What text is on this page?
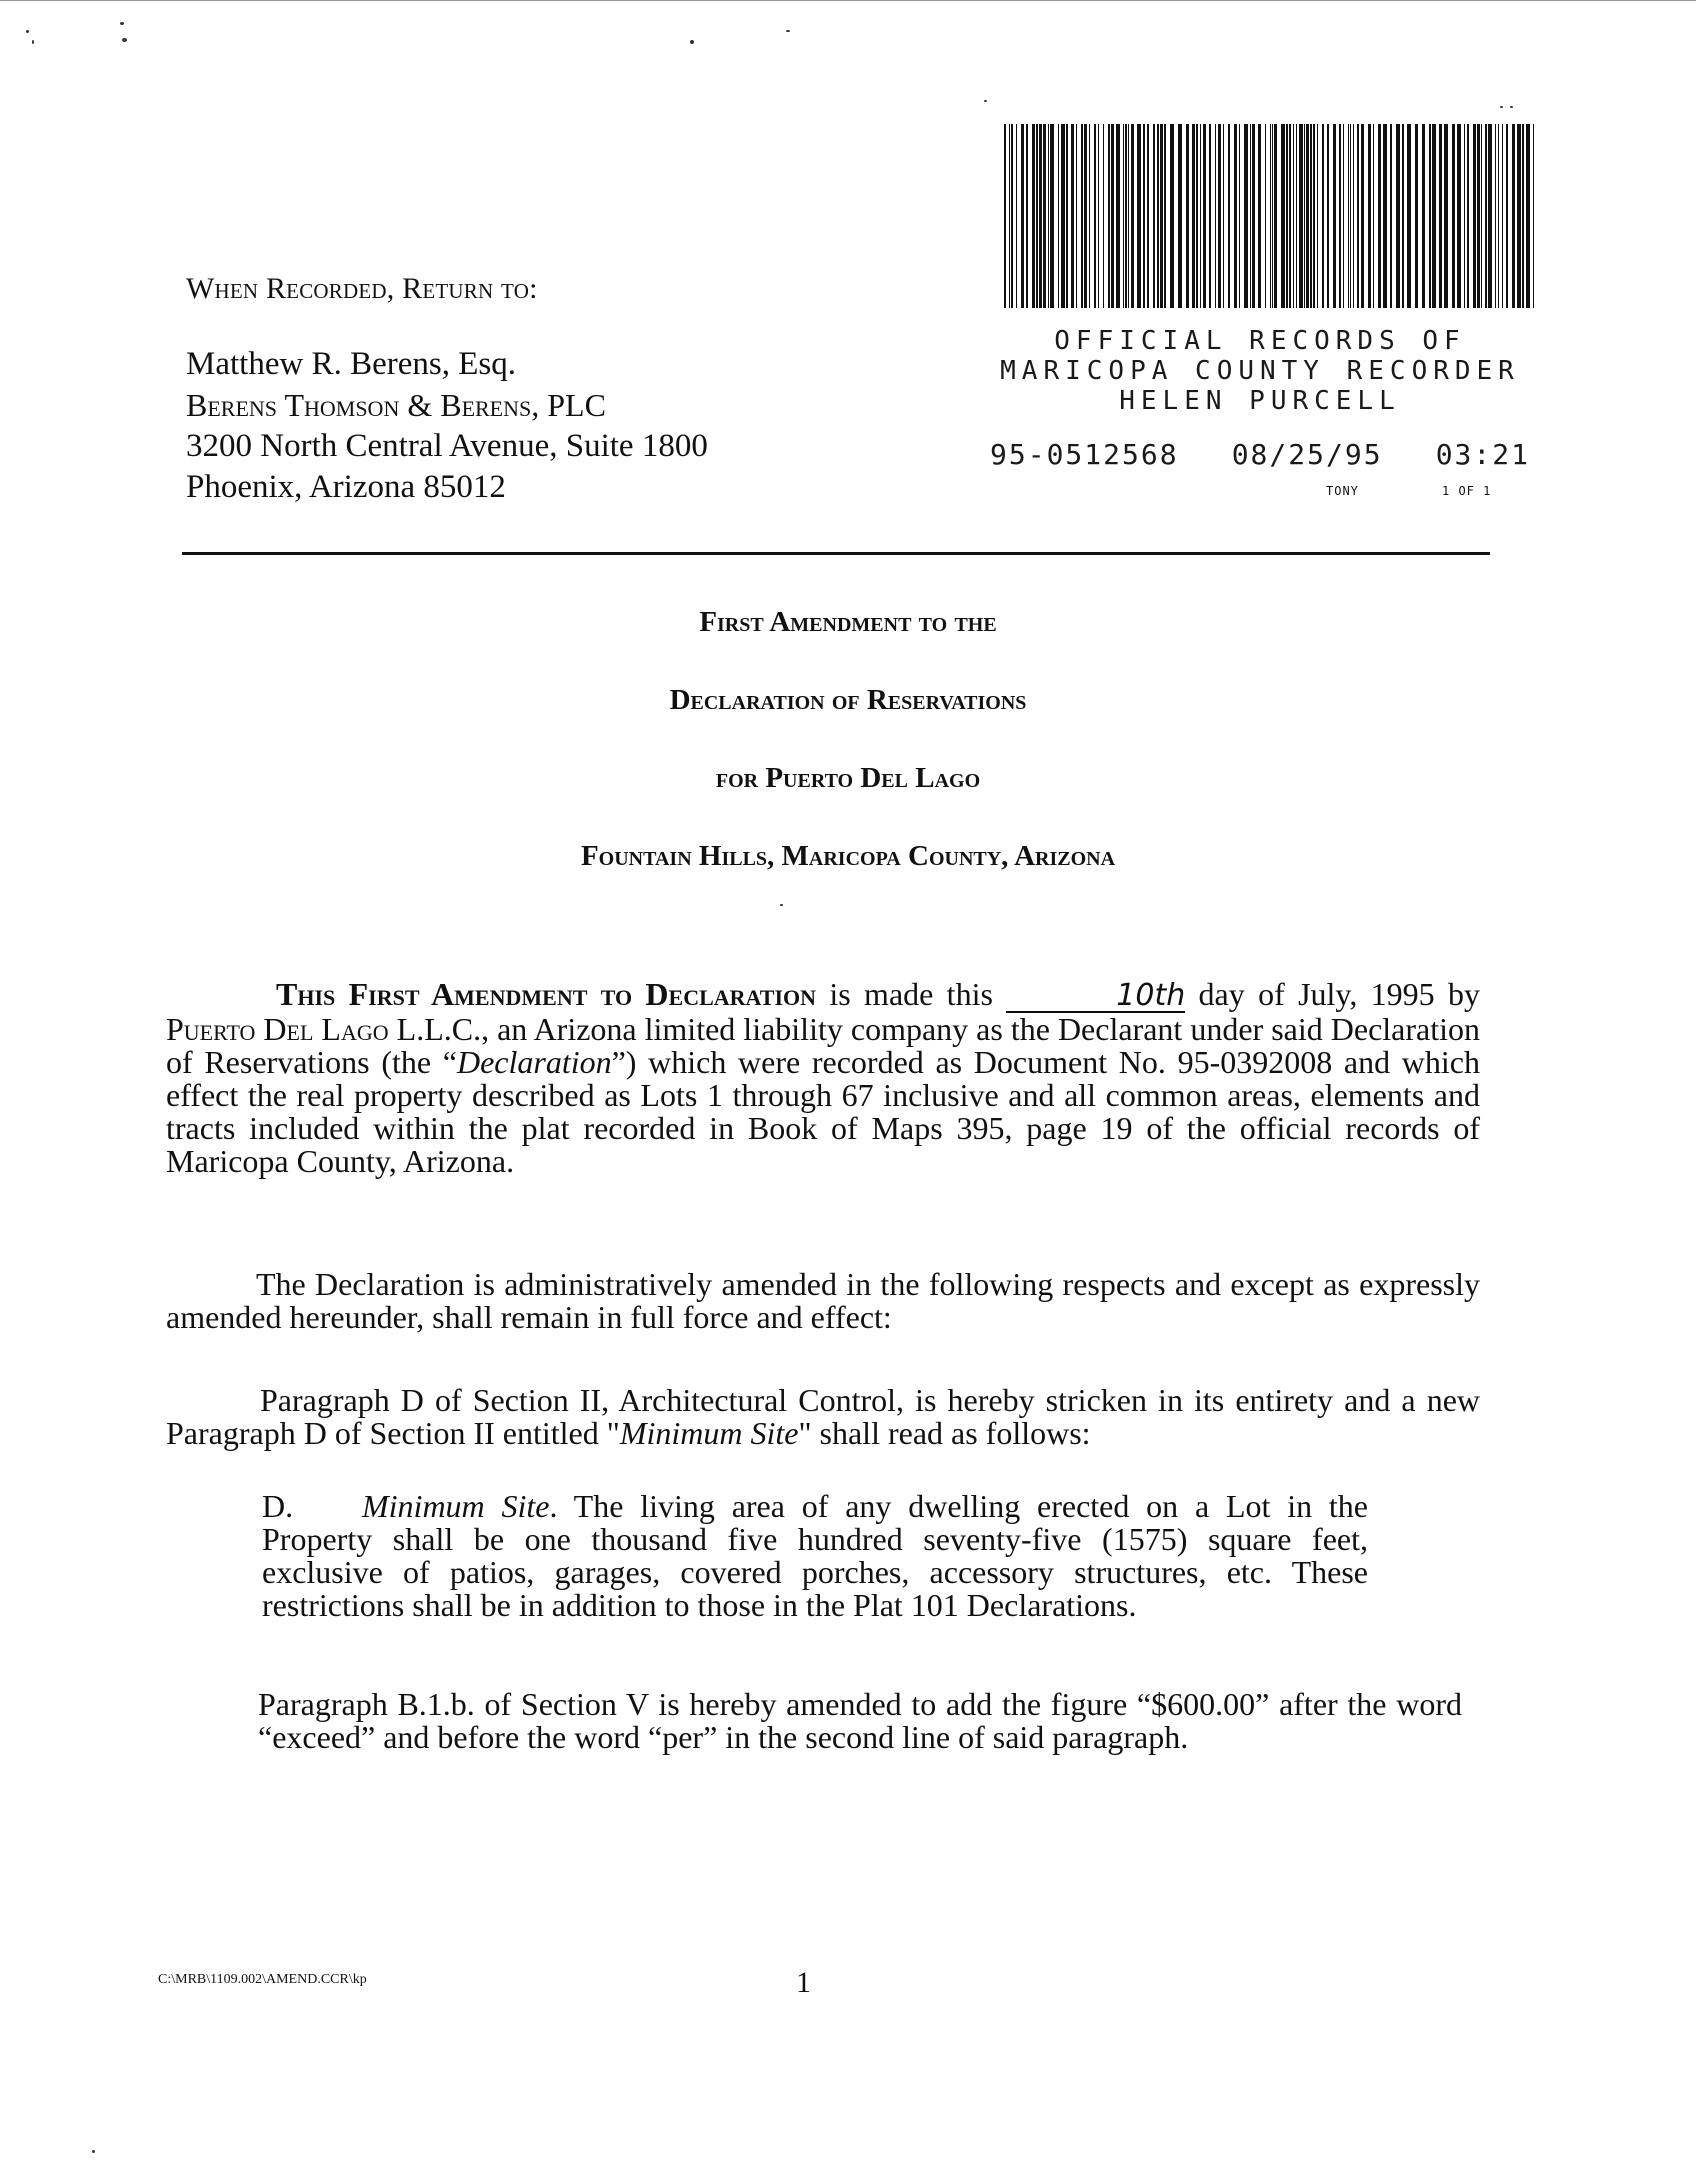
When Recorded, Return to:

Matthew R. Berens, Esq.

Berens Thomson & Berens, PLC

3200 North Central Avenue, Suite 1800

Phoenix, Arizona 85012

OFFICIAL RECORDS OF

MARICOPA COUNTY RECORDER

HELEN PURCELL

95-0512568 08/25/95 03:21
TONY	1 OF 1

First Amendment to the

Declaration of Reservations

for Puerto Del Lago

Fountain Hills, Maricopa County, Arizona

This First Amendment to Declaration is made this	10th day of July, 1995 by Puerto Del Lago L.L.C., an Arizona limited liability company as the Declarant under said Declaration of Reservations (the “Declaration”) which were recorded as Document No. 95-0392008 and which effect the real property described as Lots 1 through 67 inclusive and all common areas, elements and tracts included within the plat recorded in Book of Maps 395, page 19 of the official records of Maricopa County, Arizona.

The Declaration is administratively amended in the following respects and except as expressly amended hereunder, shall remain in full force and effect:

Paragraph D of Section II, Architectural Control, is hereby stricken in its entirety and a new Paragraph D of Section II entitled "Minimum Site" shall read as follows:

D. Minimum Site. The living area of any dwelling erected on a Lot in the Property shall be one thousand five hundred seventy-five (1575) square feet, exclusive of patios, garages, covered porches, accessory structures, etc. These restrictions shall be in addition to those in the Plat 101 Declarations.

Paragraph B.1.b. of Section V is hereby amended to add the figure “$600.00” after the word “exceed” and before the word “per” in the second line of said paragraph.

C:\MRB\1109.002\AMEND.CCR\kp	1
